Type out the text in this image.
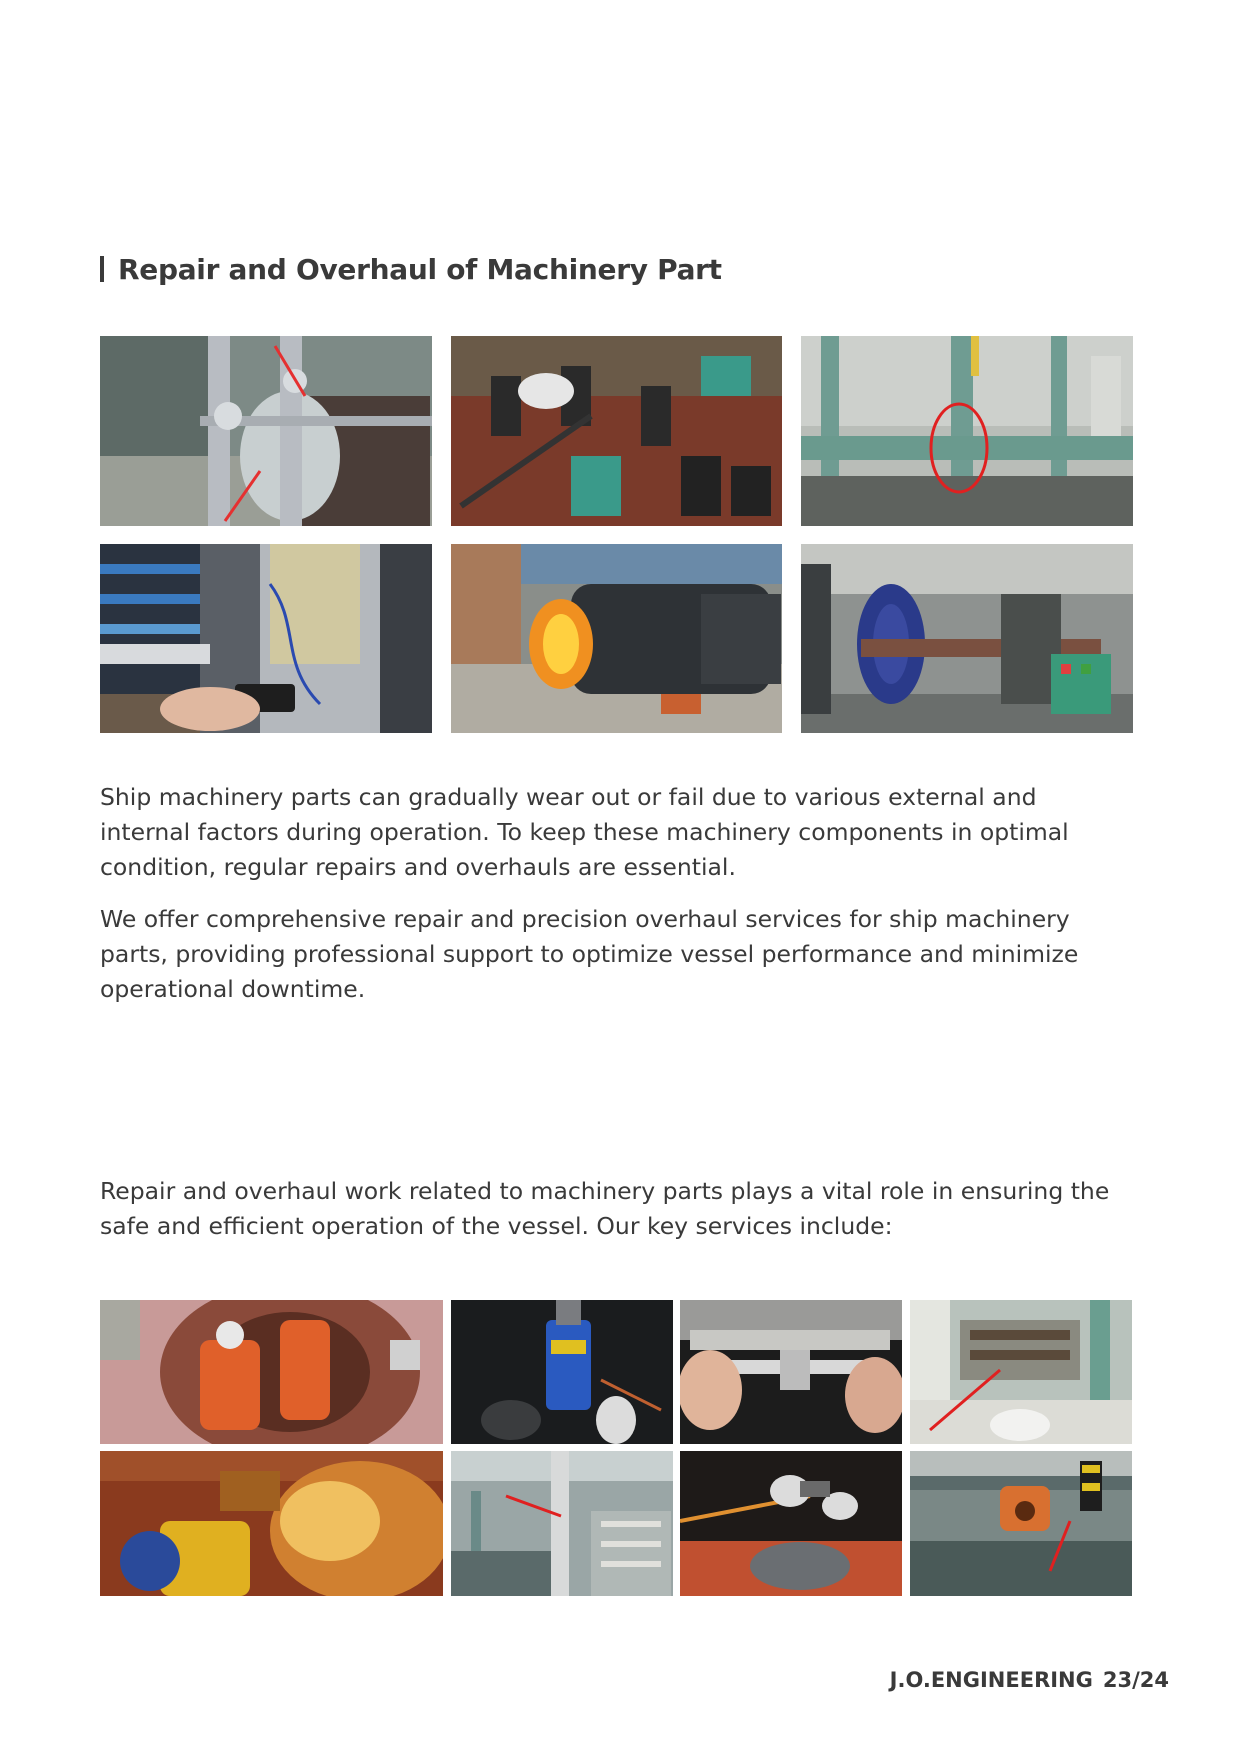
Repair and Overhaul of Machinery Part

Ship machinery parts can gradually wear out or fail due to various external and internal factors during operation. To keep these machinery components in optimal condition, regular repairs and overhauls are essential.

We offer comprehensive repair and precision overhaul services for ship machinery parts, providing professional support to optimize vessel performance and minimize operational downtime.

Repair and overhaul work related to machinery parts plays a vital role in ensuring the safe and efficient operation of the vessel. Our key services include:

J.O.ENGINEERING 23/24
